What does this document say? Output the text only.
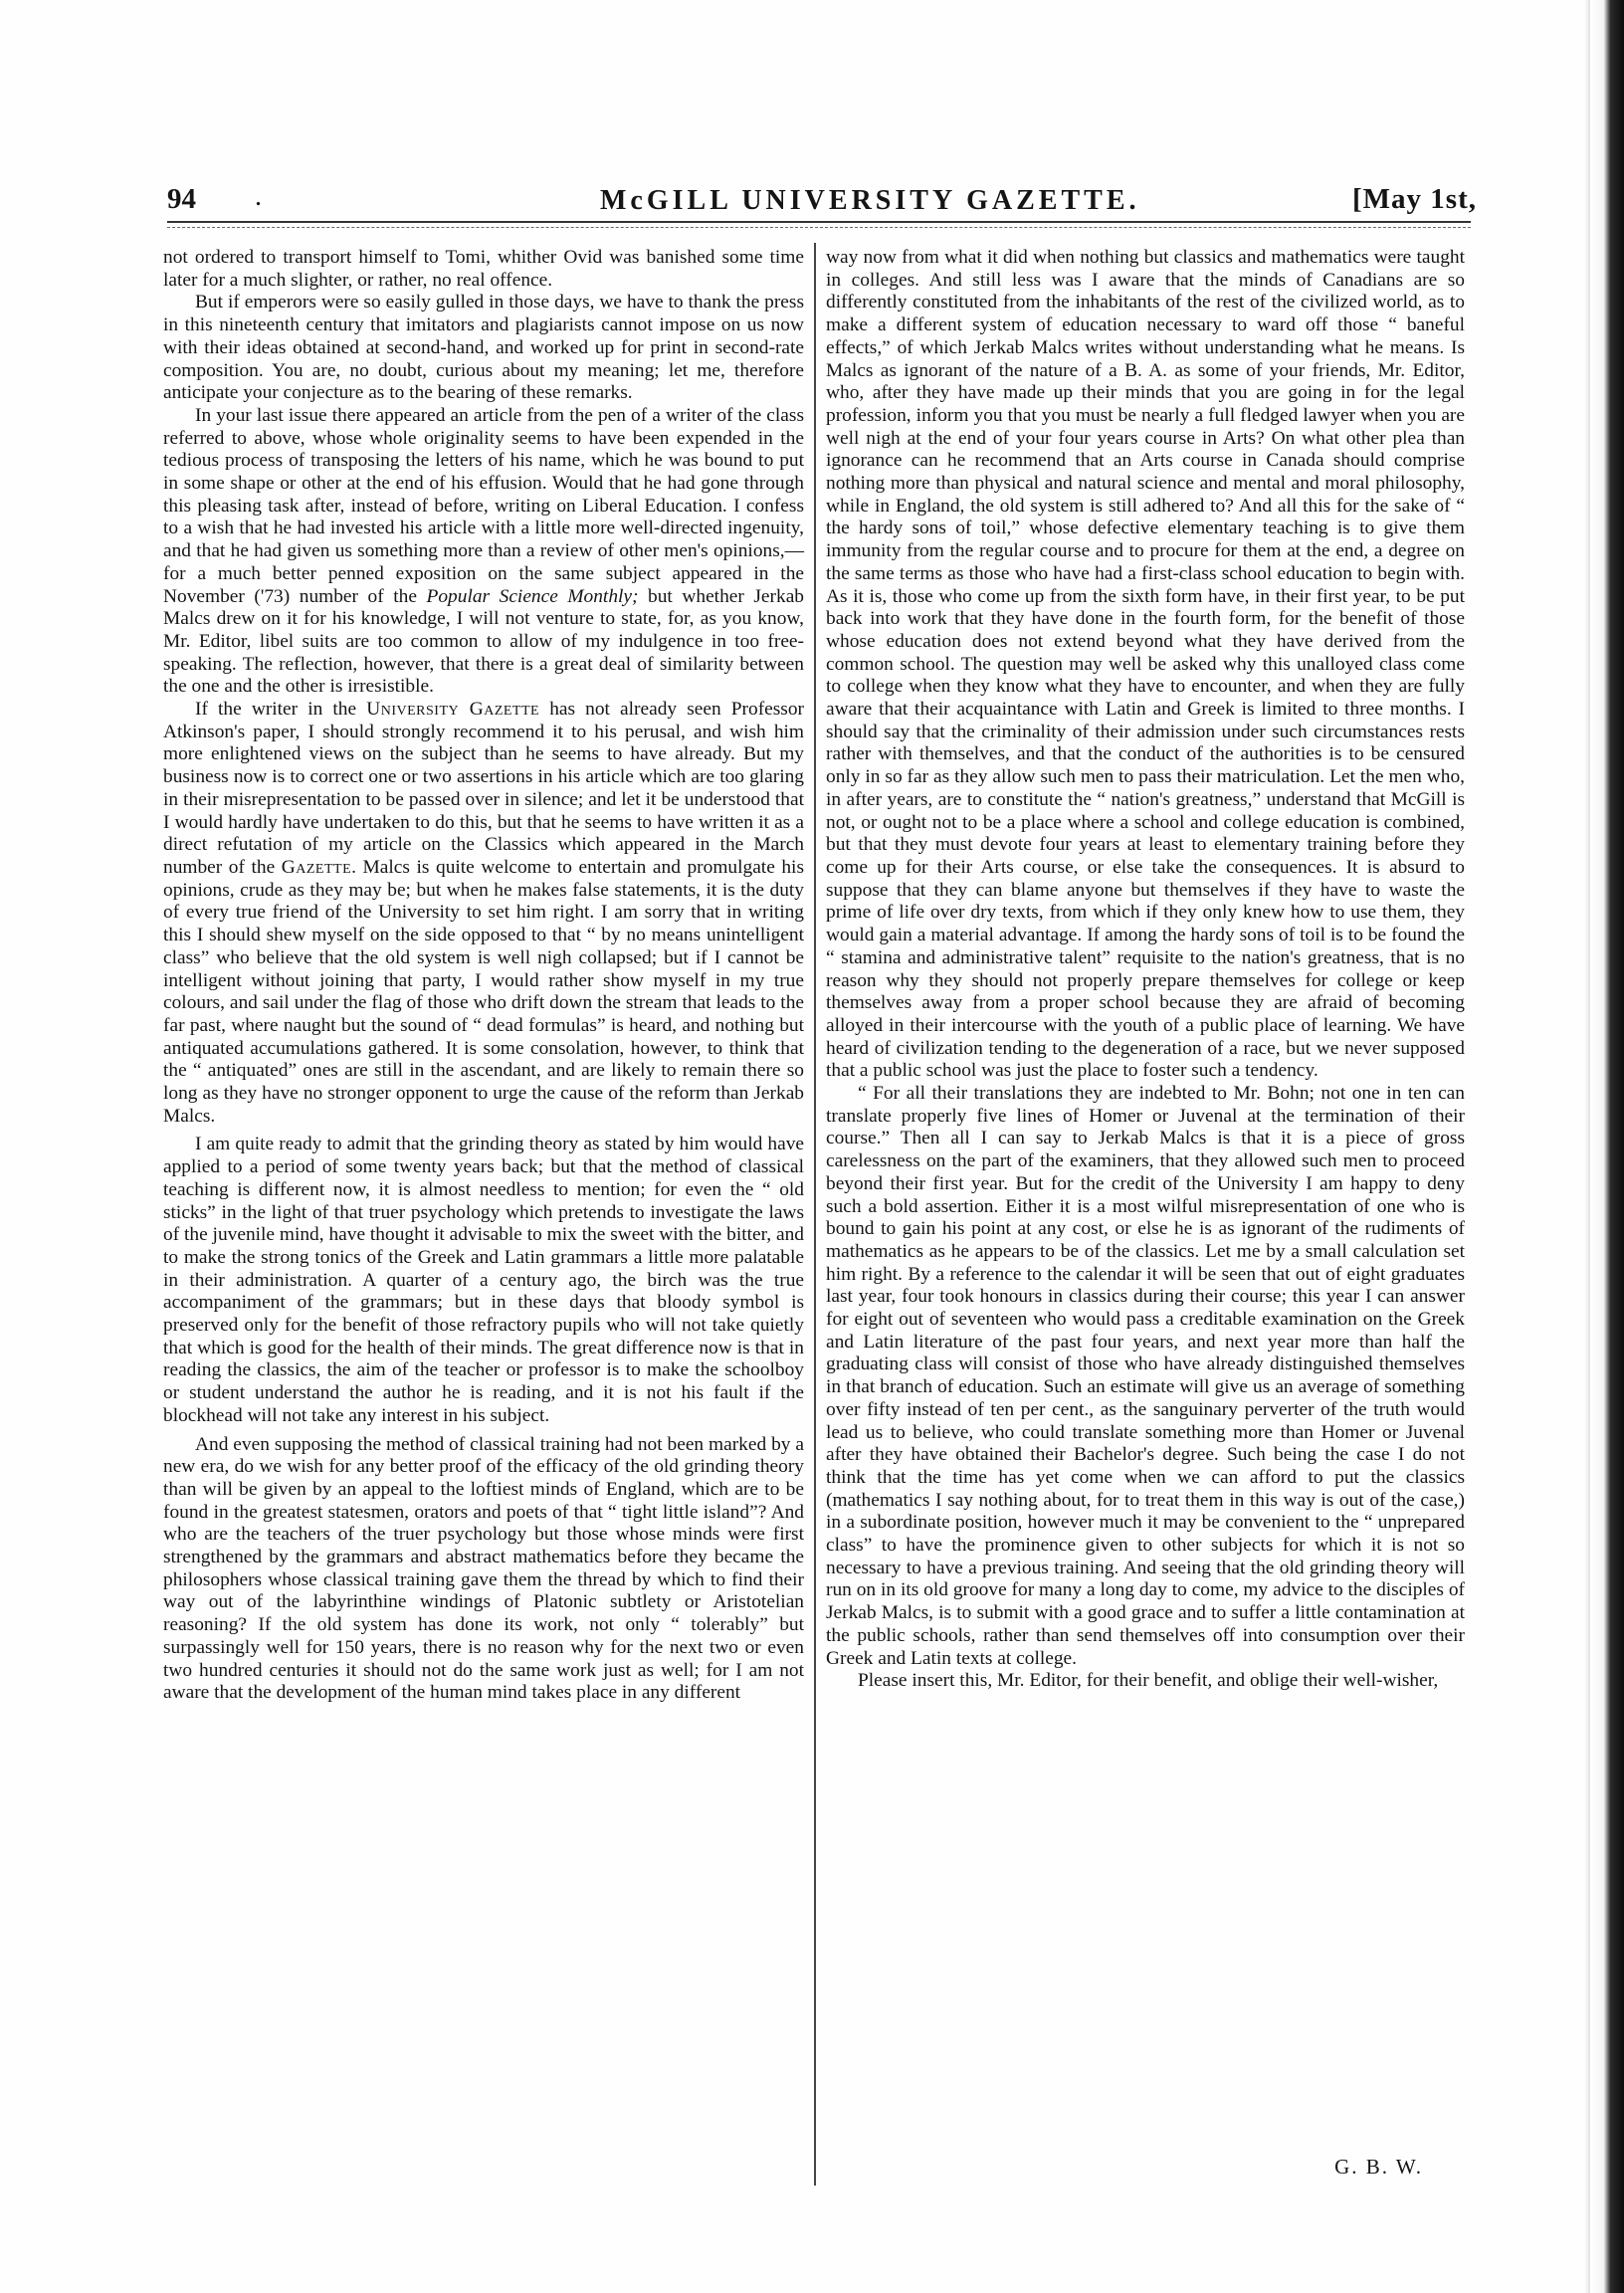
94 .	McGILL UNIVERSITY GAZETTE.	[May 1st,

not ordered to transport himself to Tomi, whither Ovid was banished some time later for a much slighter, or rather, no real offence.

But if emperors were so easily gulled in those days, we have to thank the press in this nineteenth century that imitators and plagiarists cannot impose on us now with their ideas obtained at second-hand, and worked up for print in second-rate composition. You are, no doubt, curious about my meaning; let me, therefore anticipate your conjecture as to the bearing of these remarks.

In your last issue there appeared an article from the pen of a writer of the class referred to above, whose whole originality seems to have been expended in the tedious process of transposing the letters of his name, which he was bound to put in some shape or other at the end of his effusion. Would that he had gone through this pleasing task after, instead of before, writing on Liberal Education. I confess to a wish that he had invested his article with a little more well-directed ingenuity, and that he had given us something more than a review of other men's opinions,—for a much better penned exposition on the same subject appeared in the November ('73) number of the Popular Science Monthly; but whether Jerkab Malcs drew on it for his knowledge, I will not venture to state, for, as you know, Mr. Editor, libel suits are too common to allow of my indulgence in too free-speaking. The reflection, however, that there is a great deal of similarity between the one and the other is irresistible.

If the writer in the University Gazette has not already seen Professor Atkinson's paper, I should strongly recommend it to his perusal, and wish him more enlightened views on the subject than he seems to have already. But my business now is to correct one or two assertions in his article which are too glaring in their misrepresentation to be passed over in silence; and let it be understood that I would hardly have undertaken to do this, but that he seems to have written it as a direct refutation of my article on the Classics which appeared in the March number of the Gazette. Malcs is quite welcome to entertain and promulgate his opinions, crude as they may be; but when he makes false statements, it is the duty of every true friend of the University to set him right. I am sorry that in writing this I should shew myself on the side opposed to that “ by no means unintelligent class” who believe that the old system is well nigh collapsed; but if I cannot be intelligent without joining that party, I would rather show myself in my true colours, and sail under the flag of those who drift down the stream that leads to the far past, where naught but the sound of “ dead formulas” is heard, and nothing but antiquated accumulations gathered. It is some consolation, however, to think that the “ antiquated” ones are still in the ascendant, and are likely to remain there so long as they have no stronger opponent to urge the cause of the reform than Jerkab Malcs.

I am quite ready to admit that the grinding theory as stated by him would have applied to a period of some twenty years back; but that the method of classical teaching is different now, it is almost needless to mention; for even the “ old sticks” in the light of that truer psychology which pretends to investigate the laws of the juvenile mind, have thought it advisable to mix the sweet with the bitter, and to make the strong tonics of the Greek and Latin grammars a little more palatable in their administration. A quarter of a century ago, the birch was the true accompaniment of the grammars; but in these days that bloody symbol is preserved only for the benefit of those refractory pupils who will not take quietly that which is good for the health of their minds. The great difference now is that in reading the classics, the aim of the teacher or professor is to make the schoolboy or student understand the author he is reading, and it is not his fault if the blockhead will not take any interest in his subject.

And even supposing the method of classical training had not been marked by a new era, do we wish for any better proof of the efficacy of the old grinding theory than will be given by an appeal to the loftiest minds of England, which are to be found in the greatest statesmen, orators and poets of that “ tight little island”? And who are the teachers of the truer psychology but those whose minds were first strengthened by the grammars and abstract mathematics before they became the philosophers whose classical training gave them the thread by which to find their way out of the labyrinthine windings of Platonic subtlety or Aristotelian reasoning? If the old system has done its work, not only “ tolerably” but surpassingly well for 150 years, there is no reason why for the next two or even two hundred centuries it should not do the same work just as well; for I am not aware that the development of the human mind takes place in any different

way now from what it did when nothing but classics and mathematics were taught in colleges. And still less was I aware that the minds of Canadians are so differently constituted from the inhabitants of the rest of the civilized world, as to make a different system of education necessary to ward off those “ baneful effects,” of which Jerkab Malcs writes without understanding what he means. Is Malcs as ignorant of the nature of a B. A. as some of your friends, Mr. Editor, who, after they have made up their minds that you are going in for the legal profession, inform you that you must be nearly a full fledged lawyer when you are well nigh at the end of your four years course in Arts? On what other plea than ignorance can he recommend that an Arts course in Canada should comprise nothing more than physical and natural science and mental and moral philosophy, while in England, the old system is still adhered to? And all this for the sake of “ the hardy sons of toil,” whose defective elementary teaching is to give them immunity from the regular course and to procure for them at the end, a degree on the same terms as those who have had a first-class school education to begin with. As it is, those who come up from the sixth form have, in their first year, to be put back into work that they have done in the fourth form, for the benefit of those whose education does not extend beyond what they have derived from the common school. The question may well be asked why this unalloyed class come to college when they know what they have to encounter, and when they are fully aware that their acquaintance with Latin and Greek is limited to three months. I should say that the criminality of their admission under such circumstances rests rather with themselves, and that the conduct of the authorities is to be censured only in so far as they allow such men to pass their matriculation. Let the men who, in after years, are to constitute the “ nation's greatness,” understand that McGill is not, or ought not to be a place where a school and college education is combined, but that they must devote four years at least to elementary training before they come up for their Arts course, or else take the consequences. It is absurd to suppose that they can blame anyone but themselves if they have to waste the prime of life over dry texts, from which if they only knew how to use them, they would gain a material advantage. If among the hardy sons of toil is to be found the “ stamina and administrative talent” requisite to the nation's greatness, that is no reason why they should not properly prepare themselves for college or keep themselves away from a proper school because they are afraid of becoming alloyed in their intercourse with the youth of a public place of learning. We have heard of civilization tending to the degeneration of a race, but we never supposed that a public school was just the place to foster such a tendency.

“ For all their translations they are indebted to Mr. Bohn; not one in ten can translate properly five lines of Homer or Juvenal at the termination of their course.” Then all I can say to Jerkab Malcs is that it is a piece of gross carelessness on the part of the examiners, that they allowed such men to proceed beyond their first year. But for the credit of the University I am happy to deny such a bold assertion. Either it is a most wilful misrepresentation of one who is bound to gain his point at any cost, or else he is as ignorant of the rudiments of mathematics as he appears to be of the classics. Let me by a small calculation set him right. By a reference to the calendar it will be seen that out of eight graduates last year, four took honours in classics during their course; this year I can answer for eight out of seventeen who would pass a creditable examination on the Greek and Latin literature of the past four years, and next year more than half the graduating class will consist of those who have already distinguished themselves in that branch of education. Such an estimate will give us an average of something over fifty instead of ten per cent., as the sanguinary perverter of the truth would lead us to believe, who could translate something more than Homer or Juvenal after they have obtained their Bachelor's degree. Such being the case I do not think that the time has yet come when we can afford to put the classics (mathematics I say nothing about, for to treat them in this way is out of the case,) in a subordinate position, however much it may be convenient to the “ unprepared class” to have the prominence given to other subjects for which it is not so necessary to have a previous training. And seeing that the old grinding theory will run on in its old groove for many a long day to come, my advice to the disciples of Jerkab Malcs, is to submit with a good grace and to suffer a little contamination at the public schools, rather than send themselves off into consumption over their Greek and Latin texts at college.

Please insert this, Mr. Editor, for their benefit, and oblige their well-wisher,

G. B. W.
